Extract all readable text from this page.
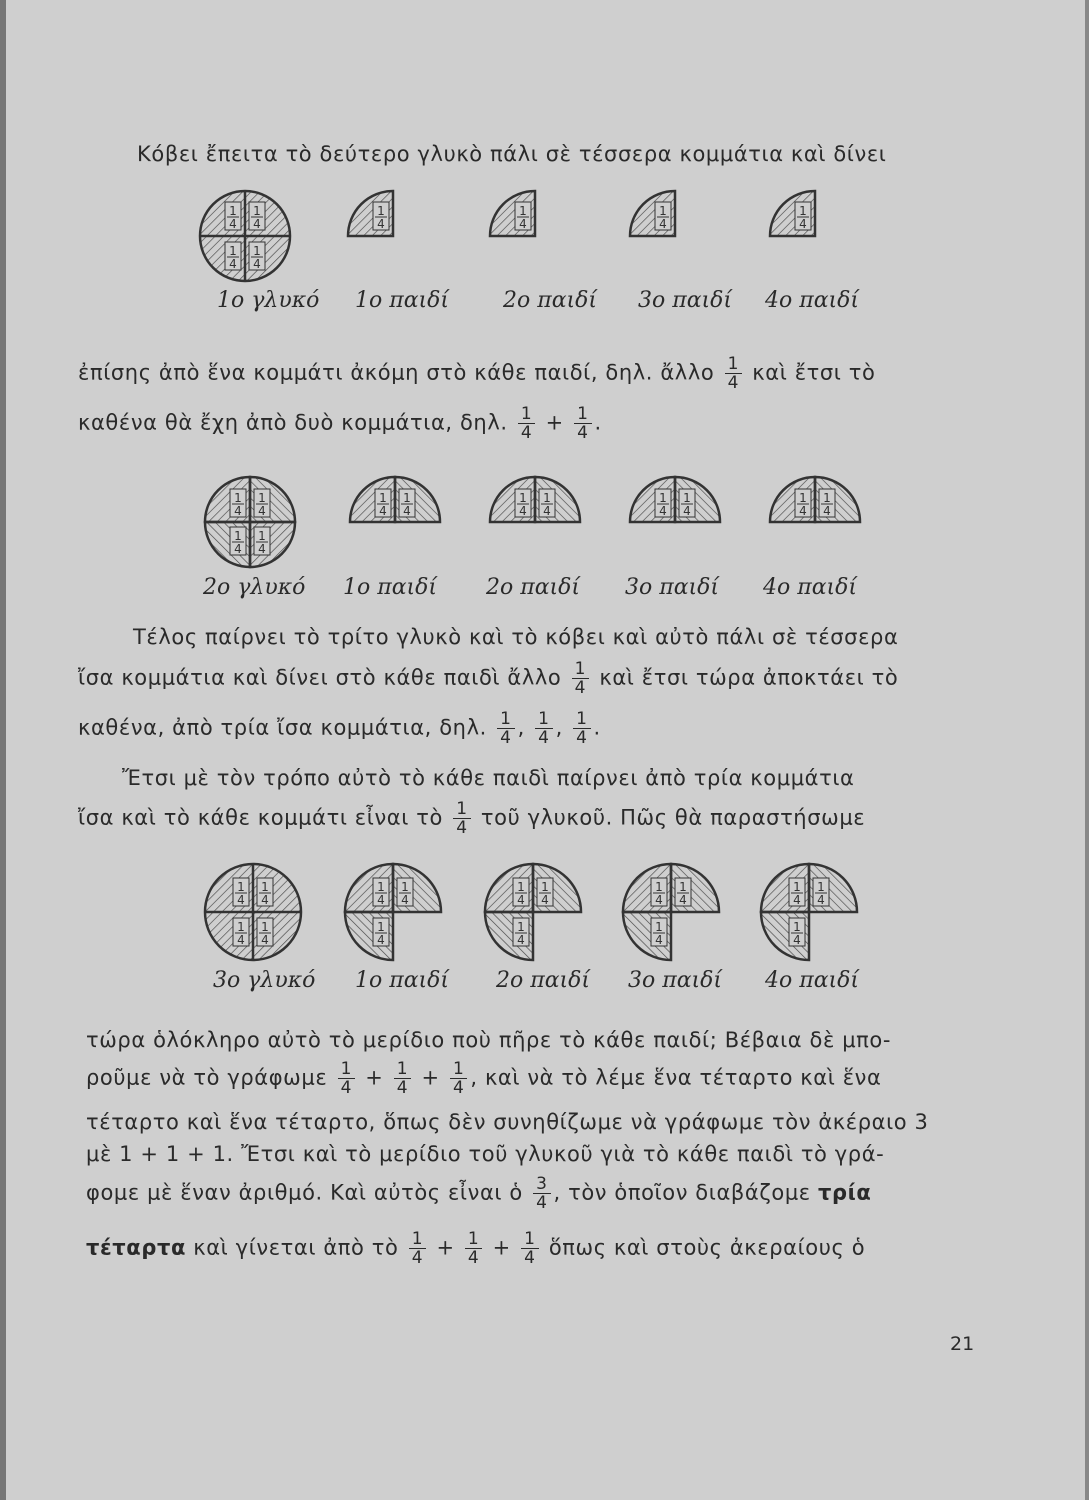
Κόβει ἔπειτα τὸ δεύτερο γλυκὸ πάλι σὲ τέσσερα κομμάτια καὶ δίνει
1
4
1
4
1
4
1
4
1
4
1
4
1
4
1
4
1ο γλυκό 1ο παιδί 2ο παιδί 3ο παιδί 4ο παιδί
ἐπίσης ἀπὸ ἕνα κομμάτι ἀκόμη στὸ κάθε παιδί, δηλ. ἄλλο $\frac{1}{4}$ καὶ ἔτσι τὸ
καθένα θὰ ἔχη ἀπὸ δυὸ κομμάτια, δηλ. $\frac{1}{4} + \frac{1}{4}$ .
1
4
1
4
1
4
1
4
1
4
1
4
1
4
1
4
1
4
1
4
1
4
1
4
2ο γλυκό 1ο παιδί 2ο παιδί 3ο παιδί 4ο παιδί
Τέλος παίρνει τὸ τρίτο γλυκὸ καὶ τὸ κόβει καὶ αὐτὸ πάλι σὲ τέσσερα
ἴσα κομμάτια καὶ δίνει στὸ κάθε παιδὶ ἄλλο $\frac{1}{4}$ καὶ ἔτσι τώρα ἀποκτάει τὸ
καθένα, ἀπὸ τρία ἴσα κομμάτια, δηλ. $\frac{1}{4}$ , $\frac{1}{4}$ , $\frac{1}{4}$ .
Ἔτσι μὲ τὸν τρόπο αὐτὸ τὸ κάθε παιδὶ παίρνει ἀπὸ τρία κομμάτια
ἴσα καὶ τὸ κάθε κομμάτι εἶναι τὸ $\frac{1}{4}$ τοῦ γλυκοῦ. Πῶς θὰ παραστήσωμε
1
4
1
4
1
4
1
4
1
4
1
4
1
4
1
4
1
4
1
4
1
4
1
4
1
4
1
4
1
4
1
4
3ο γλυκό 1ο παιδί 2ο παιδί 3ο παιδί 4ο παιδί
τώρα ὁλόκληρο αὐτὸ τὸ μερίδιο ποὺ πῆρε τὸ κάθε παιδί; Βέβαια δὲ μπο-
ροῦμε νὰ τὸ γράφωμε $\frac{1}{4} + \frac{1}{4} + \frac{1}{4}$ , καὶ νὰ τὸ λέμε ἕνα τέταρτο καὶ ἕνα
τέταρτο καὶ ἕνα τέταρτο, ὅπως δὲν συνηθίζωμε νὰ γράφωμε τὸν ἀκέραιο 3
μὲ 1 + 1 + 1. Ἔτσι καὶ τὸ μερίδιο τοῦ γλυκοῦ γιὰ τὸ κάθε παιδὶ τὸ γρά-
φομε μὲ ἕναν ἀριθμό. Καὶ αὐτὸς εἶναι ὁ $\frac{3}{4}$ , τὸν ὁποῖον διαβάζομε τρία
τέταρτα καὶ γίνεται ἀπὸ τὸ $\frac{1}{4} + \frac{1}{4} + \frac{1}{4}$ ὅπως καὶ στοὺς ἀκεραίους ὁ
21
